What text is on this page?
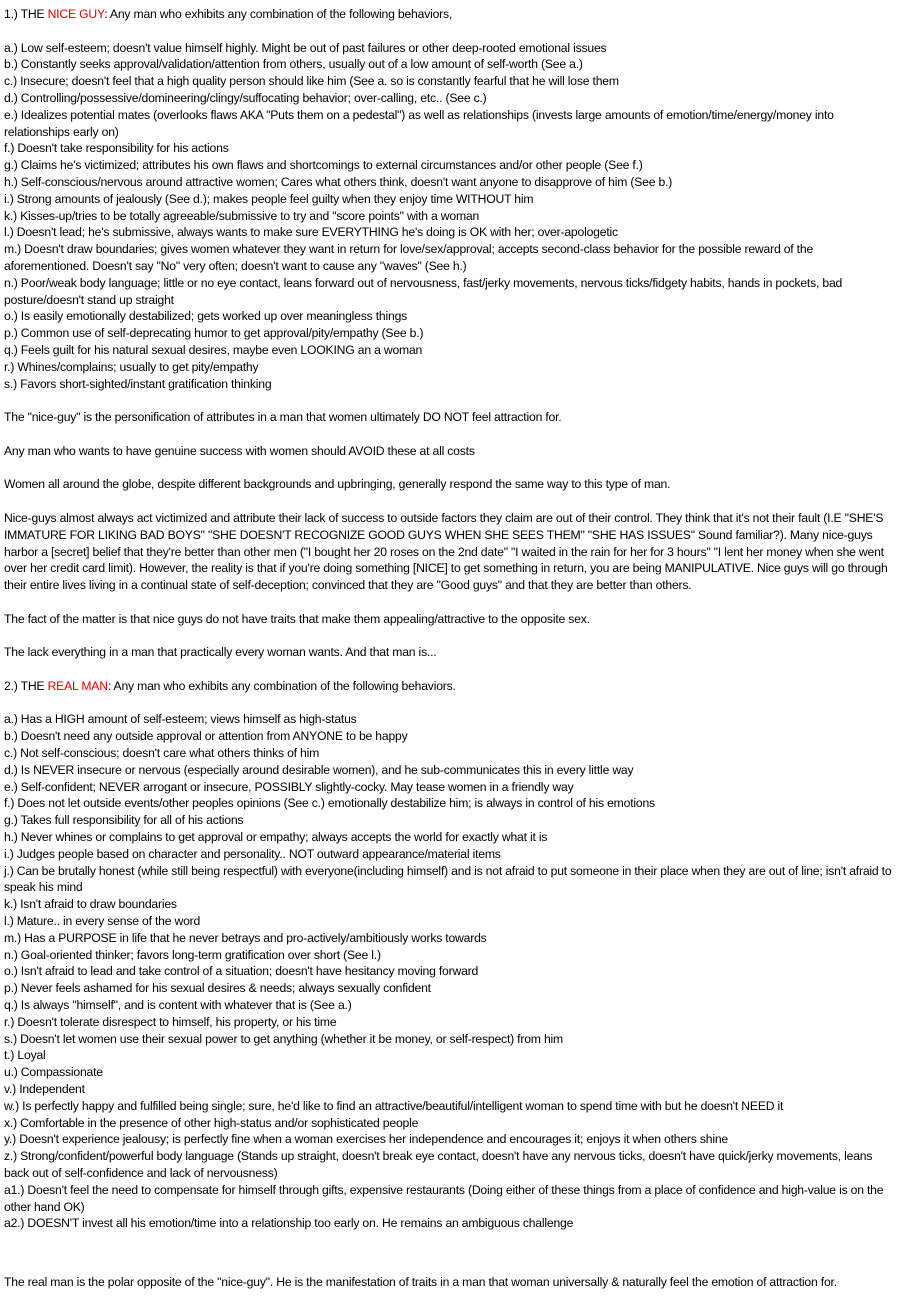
1.) THE NICE GUY: Any man who exhibits any combination of the following behaviors,

a.) Low self-esteem; doesn't value himself highly. Might be out of past failures or other deep-rooted emotional issues
b.) Constantly seeks approval/validation/attention from others, usually out of a low amount of self-worth (See a.)
c.) Insecure; doesn't feel that a high quality person should like him (See a. so is constantly fearful that he will lose them
d.) Controlling/possessive/domineering/clingy/suffocating behavior; over-calling, etc.. (See c.)
e.) Idealizes potential mates (overlooks flaws AKA "Puts them on a pedestal") as well as relationships (invests large amounts of emotion/time/energy/money into relationships early on)
f.) Doesn't take responsibility for his actions
g.) Claims he's victimized; attributes his own flaws and shortcomings to external circumstances and/or other people (See f.)
h.) Self-conscious/nervous around attractive women; Cares what others think, doesn't want anyone to disapprove of him (See b.)
i.) Strong amounts of jealously (See d.); makes people feel guilty when they enjoy time WITHOUT him
k.) Kisses-up/tries to be totally agreeable/submissive to try and "score points" with a woman
l.) Doesn't lead; he's submissive, always wants to make sure EVERYTHING he's doing is OK with her; over-apologetic
m.) Doesn't draw boundaries; gives women whatever they want in return for love/sex/approval; accepts second-class behavior for the possible reward of the aforementioned. Doesn't say "No" very often; doesn't want to cause any "waves" (See h.)
n.) Poor/weak body language; little or no eye contact, leans forward out of nervousness, fast/jerky movements, nervous ticks/fidgety habits, hands in pockets, bad posture/doesn't stand up straight
o.) Is easily emotionally destabilized; gets worked up over meaningless things
p.) Common use of self-deprecating humor to get approval/pity/empathy (See b.)
q.) Feels guilt for his natural sexual desires, maybe even LOOKING an a woman
r.) Whines/complains; usually to get pity/empathy
s.) Favors short-sighted/instant gratification thinking

The "nice-guy" is the personification of attributes in a man that women ultimately DO NOT feel attraction for.

Any man who wants to have genuine success with women should AVOID these at all costs

Women all around the globe, despite different backgrounds and upbringing, generally respond the same way to this type of man.

Nice-guys almost always act victimized and attribute their lack of success to outside factors they claim are out of their control. They think that it's not their fault (I.E "SHE'S IMMATURE FOR LIKING BAD BOYS" "SHE DOESN'T RECOGNIZE GOOD GUYS WHEN SHE SEES THEM" "SHE HAS ISSUES" Sound familiar?). Many nice-guys harbor a [secret] belief that they're better than other men ("I bought her 20 roses on the 2nd date" "I waited in the rain for her for 3 hours" "I lent her money when she went over her credit card limit). However, the reality is that if you're doing something [NICE] to get something in return, you are being MANIPULATIVE. Nice guys will go through their entire lives living in a continual state of self-deception; convinced that they are "Good guys" and that they are better than others.

The fact of the matter is that nice guys do not have traits that make them appealing/attractive to the opposite sex.

The lack everything in a man that practically every woman wants. And that man is...

2.) THE REAL MAN: Any man who exhibits any combination of the following behaviors.

a.) Has a HIGH amount of self-esteem; views himself as high-status
b.) Doesn't need any outside approval or attention from ANYONE to be happy
c.) Not self-conscious; doesn't care what others thinks of him
d.) Is NEVER insecure or nervous (especially around desirable women), and he sub-communicates this in every little way
e.) Self-confident; NEVER arrogant or insecure, POSSIBLY slightly-cocky. May tease women in a friendly way
f.) Does not let outside events/other peoples opinions (See c.) emotionally destabilize him; is always in control of his emotions
g.) Takes full responsibility for all of his actions
h.) Never whines or complains to get approval or empathy; always accepts the world for exactly what it is
i.) Judges people based on character and personality.. NOT outward appearance/material items
j.) Can be brutally honest (while still being respectful) with everyone(including himself) and is not afraid to put someone in their place when they are out of line; isn't afraid to speak his mind
k.) Isn't afraid to draw boundaries
l.) Mature.. in every sense of the word
m.) Has a PURPOSE in life that he never betrays and pro-actively/ambitiously works towards
n.) Goal-oriented thinker; favors long-term gratification over short (See l.)
o.) Isn't afraid to lead and take control of a situation; doesn't have hesitancy moving forward
p.) Never feels ashamed for his sexual desires & needs; always sexually confident
q.) Is always "himself", and is content with whatever that is (See a.)
r.) Doesn't tolerate disrespect to himself, his property, or his time
s.) Doesn't let women use their sexual power to get anything (whether it be money, or self-respect) from him
t.) Loyal
u.) Compassionate
v.) Independent
w.) Is perfectly happy and fulfilled being single; sure, he'd like to find an attractive/beautiful/intelligent woman to spend time with but he doesn't NEED it
x.) Comfortable in the presence of other high-status and/or sophisticated people
y.) Doesn't experience jealousy; is perfectly fine when a woman exercises her independence and encourages it; enjoys it when others shine
z.) Strong/confident/powerful body language (Stands up straight, doesn't break eye contact, doesn't have any nervous ticks, doesn't have quick/jerky movements, leans back out of self-confidence and lack of nervousness)
a1.) Doesn't feel the need to compensate for himself through gifts, expensive restaurants (Doing either of these things from a place of confidence and high-value is on the other hand OK)
a2.) DOESN'T invest all his emotion/time into a relationship too early on. He remains an ambiguous challenge

The real man is the polar opposite of the "nice-guy". He is the manifestation of traits in a man that woman universally & naturally feel the emotion of attraction for.
